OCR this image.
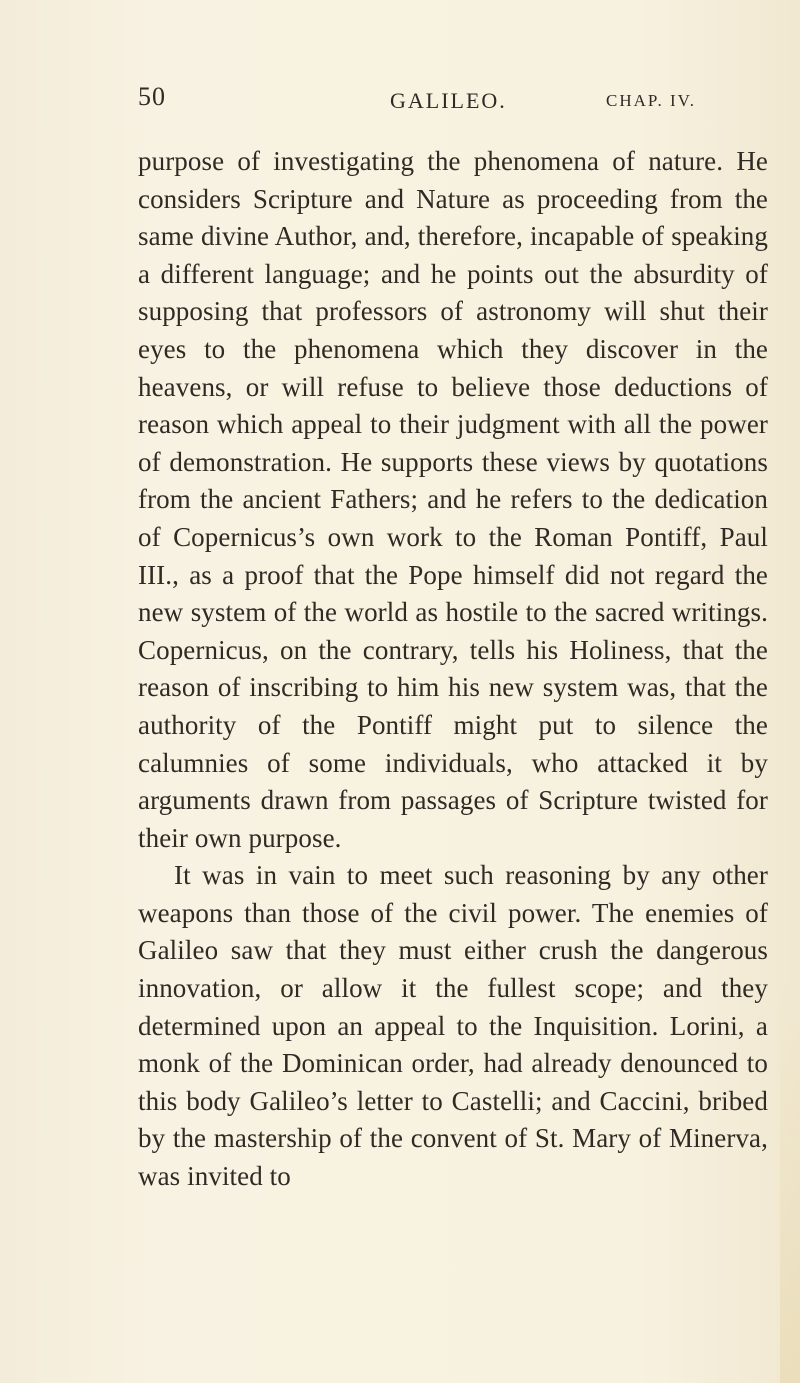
50	GALILEO.	CHAP. IV.

purpose of investigating the phenomena of nature. He considers Scripture and Nature as proceeding from the same divine Author, and, therefore, incapable of speaking a different language; and he points out the absurdity of supposing that professors of astronomy will shut their eyes to the phenomena which they discover in the heavens, or will refuse to believe those deductions of reason which appeal to their judgment with all the power of demonstration. He supports these views by quotations from the ancient Fathers; and he refers to the dedication of Copernicus’s own work to the Roman Pontiff, Paul III., as a proof that the Pope himself did not regard the new system of the world as hostile to the sacred writings. Copernicus, on the contrary, tells his Holiness, that the reason of inscribing to him his new system was, that the authority of the Pontiff might put to silence the calumnies of some individuals, who attacked it by arguments drawn from passages of Scripture twisted for their own purpose.

It was in vain to meet such reasoning by any other weapons than those of the civil power. The enemies of Galileo saw that they must either crush the dangerous innovation, or allow it the fullest scope; and they determined upon an appeal to the Inquisition. Lorini, a monk of the Dominican order, had already denounced to this body Galileo’s letter to Castelli; and Caccini, bribed by the mastership of the convent of St. Mary of Minerva, was invited to
